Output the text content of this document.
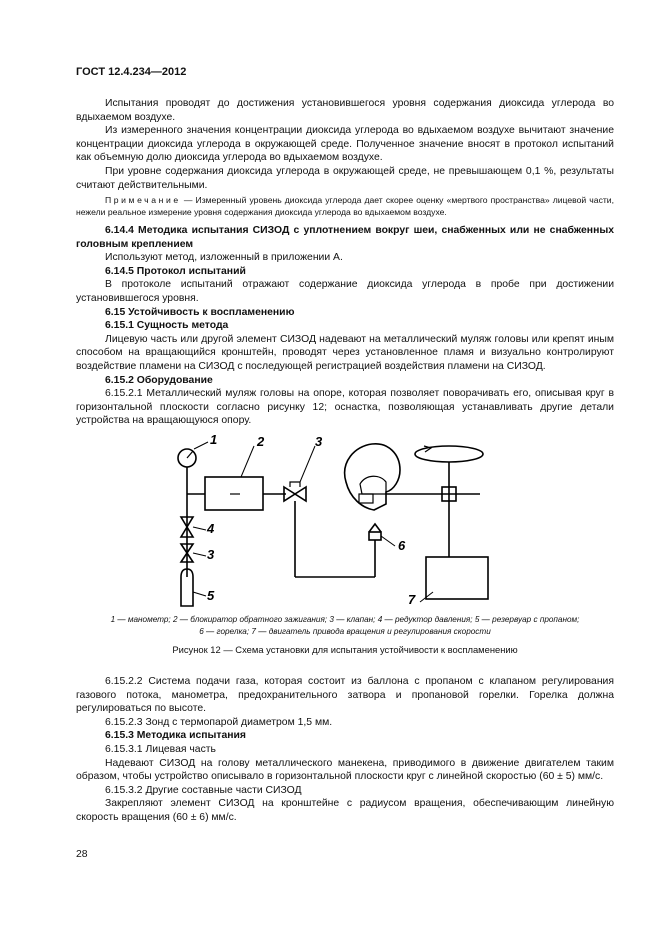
ГОСТ 12.4.234—2012

Испытания проводят до достижения установившегося уровня содержания диоксида углерода во вдыхаемом воздухе.

Из измеренного значения концентрации диоксида углерода во вдыхаемом воздухе вычитают значение концентрации диоксида углерода в окружающей среде. Полученное значение вносят в протокол испытаний как объемную долю диоксида углерода во вдыхаемом воздухе.

При уровне содержания диоксида углерода в окружающей среде, не превышающем 0,1 %, результаты считают действительными.

Примечание — Измеренный уровень диоксида углерода дает скорее оценку «мертвого пространства» лицевой части, нежели реальное измерение уровня содержания диоксида углерода во вдыхаемом воздухе.

6.14.4 Методика испытания СИЗОД с уплотнением вокруг шеи, снабженных или не снабженных головным креплением

Используют метод, изложенный в приложении А.

6.14.5 Протокол испытаний

В протоколе испытаний отражают содержание диоксида углерода в пробе при достижении установившегося уровня.

6.15 Устойчивость к воспламенению

6.15.1 Сущность метода

Лицевую часть или другой элемент СИЗОД надевают на металлический муляж головы или крепят иным способом на вращающийся кронштейн, проводят через установленное пламя и визуально контролируют воздействие пламени на СИЗОД с последующей регистрацией воздействия пламени на СИЗОД.

6.15.2 Оборудование

6.15.2.1 Металлический муляж головы на опоре, которая позволяет поворачивать его, описывая круг в горизонтальной плоскости согласно рисунку 12; оснастка, позволяющая устанавливать другие детали устройства на вращающуюся опору.

1	2	3
4
3
5
6
7
1 — манометр; 2 — блокиратор обратного зажигания; 3 — клапан; 4 — редуктор давления; 5 — резервуар с пропаном;
6 — горелка; 7 — двигатель привода вращения и регулирования скорости
Рисунок 12 — Схема установки для испытания устойчивости к воспламенению

6.15.2.2 Система подачи газа, которая состоит из баллона с пропаном с клапаном регулирования газового потока, манометра, предохранительного затвора и пропановой горелки. Горелка должна регулироваться по высоте.

6.15.2.3 Зонд с термопарой диаметром 1,5 мм.

6.15.3 Методика испытания

6.15.3.1 Лицевая часть

Надевают СИЗОД на голову металлического манекена, приводимого в движение двигателем таким образом, чтобы устройство описывало в горизонтальной плоскости круг с линейной скоростью (60 ± 5) мм/с.

6.15.3.2 Другие составные части СИЗОД

Закрепляют элемент СИЗОД на кронштейне с радиусом вращения, обеспечивающим линейную скорость вращения (60 ± 6) мм/с.

28
